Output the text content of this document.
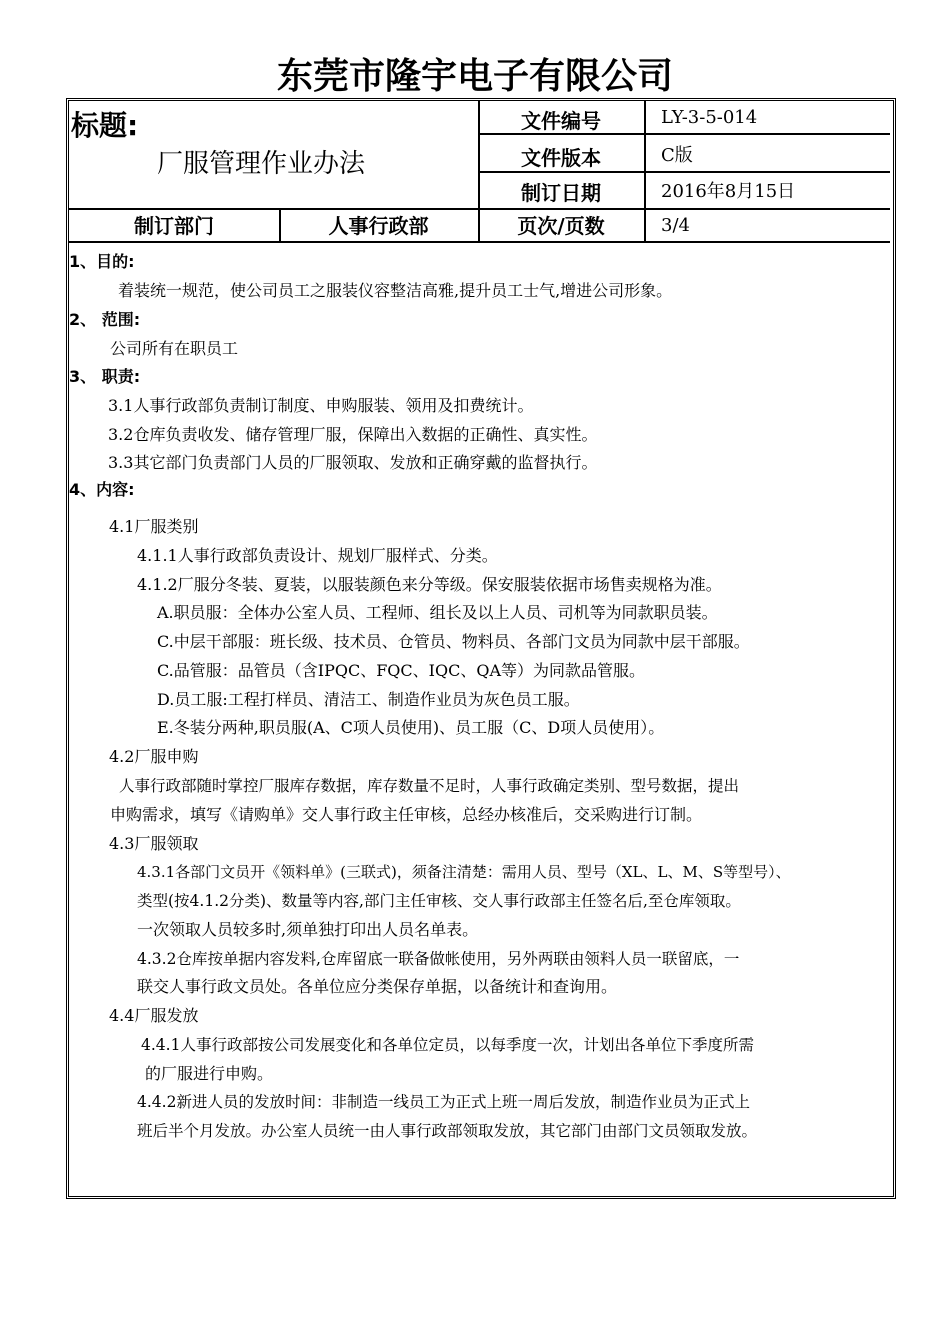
东莞市隆宇电子有限公司
标题:
厂服管理作业办法
文件编号	LY-3-5-014
文件版本	C版
制订日期	2016年8月15日
制订部门	人事行政部	页次/页数	3/4
1、目的:
着装统一规范，使公司员工之服装仪容整洁高雅,提升员工士气,增进公司形象。
2、 范围:
公司所有在职员工
3、 职责:
3.1人事行政部负责制订制度、申购服装、领用及扣费统计。
3.2仓库负责收发、储存管理厂服，保障出入数据的正确性、真实性。
3.3其它部门负责部门人员的厂服领取、发放和正确穿戴的监督执行。
4、内容:
4.1厂服类别
4.1.1人事行政部负责设计、规划厂服样式、分类。
4.1.2厂服分冬装、夏装，以服装颜色来分等级。保安服装依据市场售卖规格为准。
A.职员服：全体办公室人员、工程师、组长及以上人员、司机等为同款职员装。
C.中层干部服：班长级、技术员、仓管员、物料员、各部门文员为同款中层干部服。
C.品管服：品管员（含IPQC、FQC、IQC、QA等）为同款品管服。
D.员工服:工程打样员、清洁工、制造作业员为灰色员工服。
E.冬装分两种,职员服(A、C项人员使用)、员工服（C、D项人员使用）。
4.2厂服申购
人事行政部随时掌控厂服库存数据，库存数量不足时，人事行政确定类别、型号数据，提出
申购需求，填写《请购单》交人事行政主任审核，总经办核准后，交采购进行订制。
4.3厂服领取
4.3.1各部门文员开《领料单》(三联式)，须备注清楚：需用人员、型号（XL、L、M、S等型号）、
类型(按4.1.2分类)、数量等内容,部门主任审核、交人事行政部主任签名后,至仓库领取。
一次领取人员较多时,须单独打印出人员名单表。
4.3.2仓库按单据内容发料,仓库留底一联备做帐使用，另外两联由领料人员一联留底，一
联交人事行政文员处。各单位应分类保存单据，以备统计和查询用。
4.4厂服发放
4.4.1人事行政部按公司发展变化和各单位定员，以每季度一次，计划出各单位下季度所需
的厂服进行申购。
4.4.2新进人员的发放时间：非制造一线员工为正式上班一周后发放，制造作业员为正式上
班后半个月发放。办公室人员统一由人事行政部领取发放，其它部门由部门文员领取发放。
